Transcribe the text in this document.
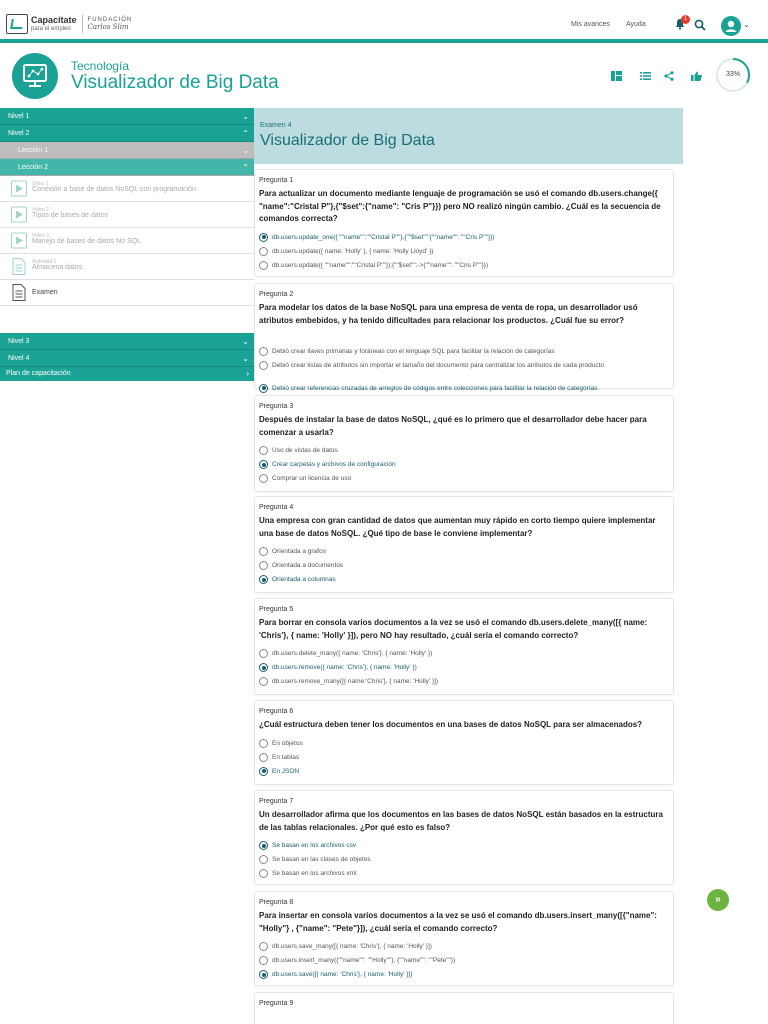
Capacítate
para el empleo
FUNDACIÓN
Carlos Slim	Mis avances Ayuda
1
⌄
Tecnología
Visualizador de Big Data	33%
Nivel 1	⌄
Nivel 2	⌃
Lección 1	⌄
Lección 2	⌃
Video 1
Conexión a base de datos NoSQL con programación
Video 2
Tipos de bases de datos
Video 3
Manejo de bases de datos No SQL
Actividad 1
Almacena datos
Examen
Nivel 3	⌄
Nivel 4	⌄
Plan de capacitación	›
Examen 4
Visualizador de Big Data
Pregunta 1
Para actualizar un documento mediante lenguaje de programación se usó el comando db.users.change({ "name":"Cristal P"},{"$set":{"name": "Cris P"}}) pero NO realizó ningún cambio. ¿Cuál es la secuencia de comandos correcta?
db.users.update_one({ ""name"":""Cristal P""},{""$set"":{""name"": ""Cris P""}})
db.users.update({ name: 'Holly' }, { name: 'Holly Lloyd' })
db.users.update({ ""name"":""Cristal P""});{""$set"":->{""name"": ""Cris P""}})
Pregunta 2
Para modelar los datos de la base NoSQL para una empresa de venta de ropa, un desarrollador usó atributos embebidos, y ha tenido dificultades para relacionar los productos. ¿Cuál fue su error?
Debió crear llaves primarias y foráneas con el lenguaje SQL para facilitar la relación de categorías
Debió crear listas de atributos sin importar el tamaño del documento para centralizar los atributos de cada producto
Debió crear referencias cruzadas de arreglos de códigos entre colecciones para facilitar la relación de categorías
Pregunta 3
Después de instalar la base de datos NoSQL, ¿qué es lo primero que el desarrollador debe hacer para comenzar a usarla?
Uso de vistas de datos
Crear carpetas y archivos de configuración
Comprar un licencia de uso
Pregunta 4
Una empresa con gran cantidad de datos que aumentan muy rápido en corto tiempo quiere implementar una base de datos NoSQL. ¿Qué tipo de base le conviene implementar?
Orientada a grafos
Orientada a documentos
Orientada a columnas
Pregunta 5
Para borrar en consola varios documentos a la vez se usó el comando db.users.delete_many([{ name: 'Chris'}, { name: 'Holly' }]), pero NO hay resultado, ¿cuál sería el comando correcto?
db.users.delete_many({ name: 'Chris'}, { name: 'Holly' })
db.users.remove({ name: 'Chris'}, { name: 'Holly' })
db.users.remove_many([{ name:'Chris'}, { name: 'Holly' }])
Pregunta 6
¿Cuál estructura deben tener los documentos en una bases de datos NoSQL para ser almacenados?
En objetos
En tablas
En JSON
Pregunta 7
Un desarrollador afirma que los documentos en las bases de datos NoSQL están basados en la estructura de las tablas relacionales. ¿Por qué esto es falso?
Se basan en los archivos csv
Se basan en las clases de objetos
Se basan en los archivos xml
Pregunta 8
Para insertar en consola varios documentos a la vez se usó el comando db.users.insert_many([{"name": "Holly"} , {"name": "Pete"}]), ¿cuál sería el comando correcto?
db.users.save_many([{ name: 'Chris'}, { name: 'Holly' }])
db.users.insert_many({""name"": ""Holly""}, {""name"": ""Pete""})
db.users.save([{ name: 'Chris'}, { name: 'Holly' }])
Pregunta 9
»
